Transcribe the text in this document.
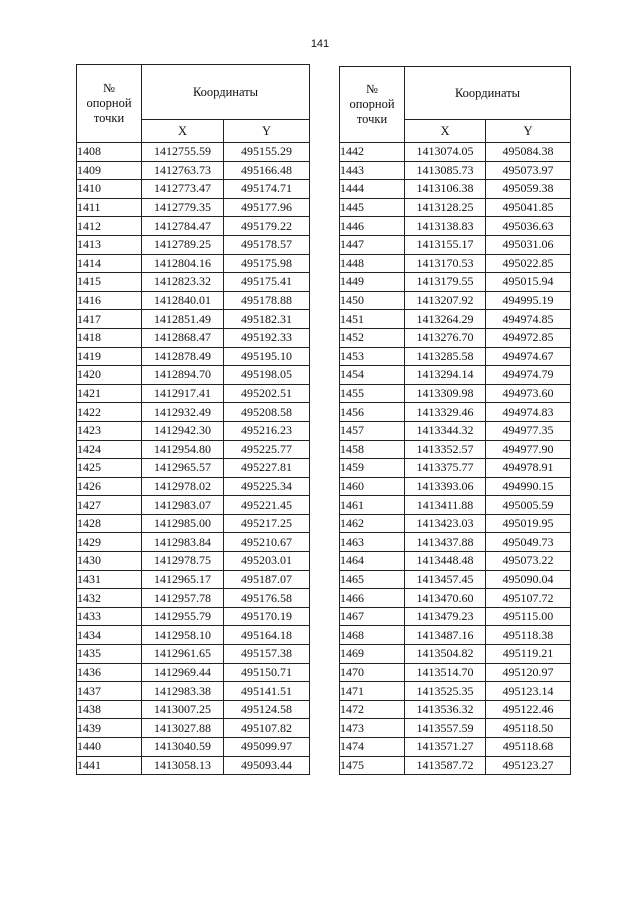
141
№
опорной
точки	Координаты	
	X	Y
1408	1412755.59	495155.29
1409	1412763.73	495166.48
1410	1412773.47	495174.71
1411	1412779.35	495177.96
1412	1412784.47	495179.22
1413	1412789.25	495178.57
1414	1412804.16	495175.98
1415	1412823.32	495175.41
1416	1412840.01	495178.88
1417	1412851.49	495182.31
1418	1412868.47	495192.33
1419	1412878.49	495195.10
1420	1412894.70	495198.05
1421	1412917.41	495202.51
1422	1412932.49	495208.58
1423	1412942.30	495216.23
1424	1412954.80	495225.77
1425	1412965.57	495227.81
1426	1412978.02	495225.34
1427	1412983.07	495221.45
1428	1412985.00	495217.25
1429	1412983.84	495210.67
1430	1412978.75	495203.01
1431	1412965.17	495187.07
1432	1412957.78	495176.58
1433	1412955.79	495170.19
1434	1412958.10	495164.18
1435	1412961.65	495157.38
1436	1412969.44	495150.71
1437	1412983.38	495141.51
1438	1413007.25	495124.58
1439	1413027.88	495107.82
1440	1413040.59	495099.97
1441	1413058.13	495093.44
№
опорной
точки	Координаты	
	X	Y
1442	1413074.05	495084.38
1443	1413085.73	495073.97
1444	1413106.38	495059.38
1445	1413128.25	495041.85
1446	1413138.83	495036.63
1447	1413155.17	495031.06
1448	1413170.53	495022.85
1449	1413179.55	495015.94
1450	1413207.92	494995.19
1451	1413264.29	494974.85
1452	1413276.70	494972.85
1453	1413285.58	494974.67
1454	1413294.14	494974.79
1455	1413309.98	494973.60
1456	1413329.46	494974.83
1457	1413344.32	494977.35
1458	1413352.57	494977.90
1459	1413375.77	494978.91
1460	1413393.06	494990.15
1461	1413411.88	495005.59
1462	1413423.03	495019.95
1463	1413437.88	495049.73
1464	1413448.48	495073.22
1465	1413457.45	495090.04
1466	1413470.60	495107.72
1467	1413479.23	495115.00
1468	1413487.16	495118.38
1469	1413504.82	495119.21
1470	1413514.70	495120.97
1471	1413525.35	495123.14
1472	1413536.32	495122.46
1473	1413557.59	495118.50
1474	1413571.27	495118.68
1475	1413587.72	495123.27
